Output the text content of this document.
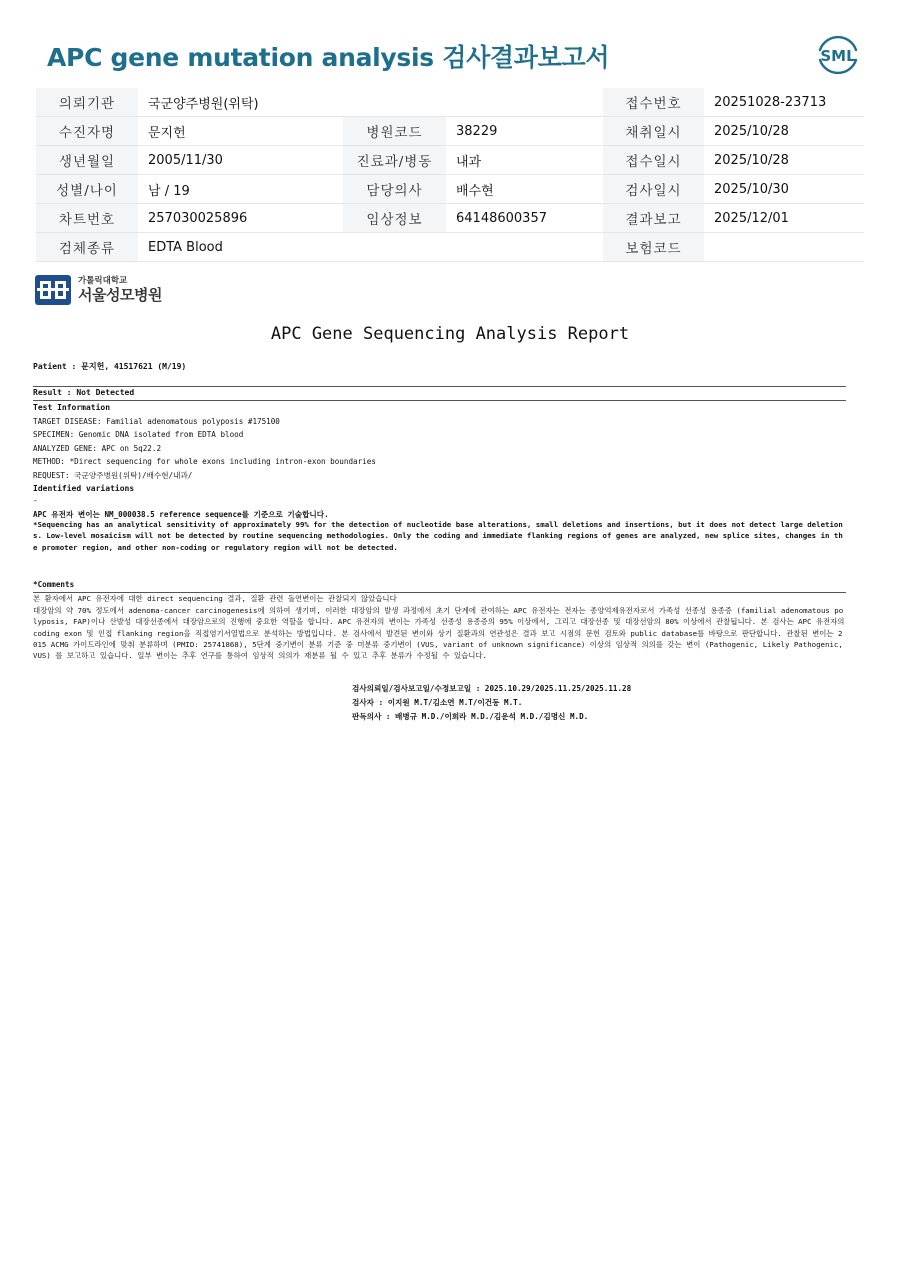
APC gene mutation analysis 검사결과보고서	SML
의뢰기관	국군양주병원(위탁)			접수번호	20251028-23713
수진자명	문지헌	병원코드	38229	채취일시	2025/10/28
생년월일	2005/11/30	진료과/병동	내과	접수일시	2025/10/28
성별/나이	남 / 19	담당의사	배수현	검사일시	2025/10/30
차트번호	257030025896	임상정보	64148600357	결과보고	2025/12/01
검체종류	EDTA Blood			보험코드	
가톨릭대학교
서울성모병원
APC Gene Sequencing Analysis Report
Patient : 문지헌, 41517621 (M/19)
Result : Not Detected
Test Information
TARGET DISEASE: Familial adenomatous polyposis #175100
SPECIMEN: Genomic DNA isolated from EDTA blood
ANALYZED GENE: APC on 5q22.2
METHOD: *Direct sequencing for whole exons including intron-exon boundaries
REQUEST: 국군양주병원(위탁)/배수현/내과/
Identified variations
-
APC 유전자 변이는 NM_000038.5 reference sequence를 기준으로 기술합니다.
*Sequencing has an analytical sensitivity of approximately 99% for the detection of nucleotide base alterations, small deletions and insertions, but it does not detect large deletions. Low-level mosaicism will not be detected by routine sequencing methodologies. Only the coding and immediate flanking regions of genes are analyzed, new splice sites, changes in the promoter region, and other non-coding or regulatory region will not be detected.
*Comments
본 환자에서 APC 유전자에 대한 direct sequencing 결과, 질환 관련 돌연변이는 관찰되지 않았습니다
대장암의 약 70% 정도에서 adenoma-cancer carcinogenesis에 의하여 생기며, 이러한 대장암의 발생 과정에서 초기 단계에 관여하는 APC 유전자는 전자는 종양억제유전자로서 가족성 선종성 용종증 (familial adenomatous polyposis, FAP)이나 산발성 대장선종에서 대장암으로의 진행에 중요한 역할을 합니다. APC 유전자의 변이는 가족성 선종성 용종증의 95% 이상에서, 그리고 대장선종 및 대장선암의 80% 이상에서 관찰됩니다. 본 검사는 APC 유전자의 coding exon 및 인접 flanking region을 직접염기서열법으로 분석하는 방법입니다. 본 검사에서 발견된 변이와 상기 질환과의 연관성은 결과 보고 시점의 문헌 검토와 public database를 바탕으로 판단합니다. 관찰된 변이는 2015 ACMG 가이드라인에 맞춰 분류하며 (PMID: 25741868), 5단계 중기변이 분류 기준 중 미분류 중기변이 (VUS, variant of unknown significance) 이상의 임상적 의의를 갖는 변이 (Pathogenic, Likely Pathogenic, VUS) 를 보고하고 있습니다. 일부 변이는 추후 연구를 통하여 임상적 의의가 재분류 될 수 있고 추후 분류가 수정될 수 있습니다.
검사의뢰일/검사보고일/수정보고일 : 2025.10.29/2025.11.25/2025.11.28
검사자 : 이지원 M.T/김소연 M.T/이건동 M.T.
판독의사 : 배병규 M.D./이희라 M.D./김운석 M.D./김명신 M.D.
